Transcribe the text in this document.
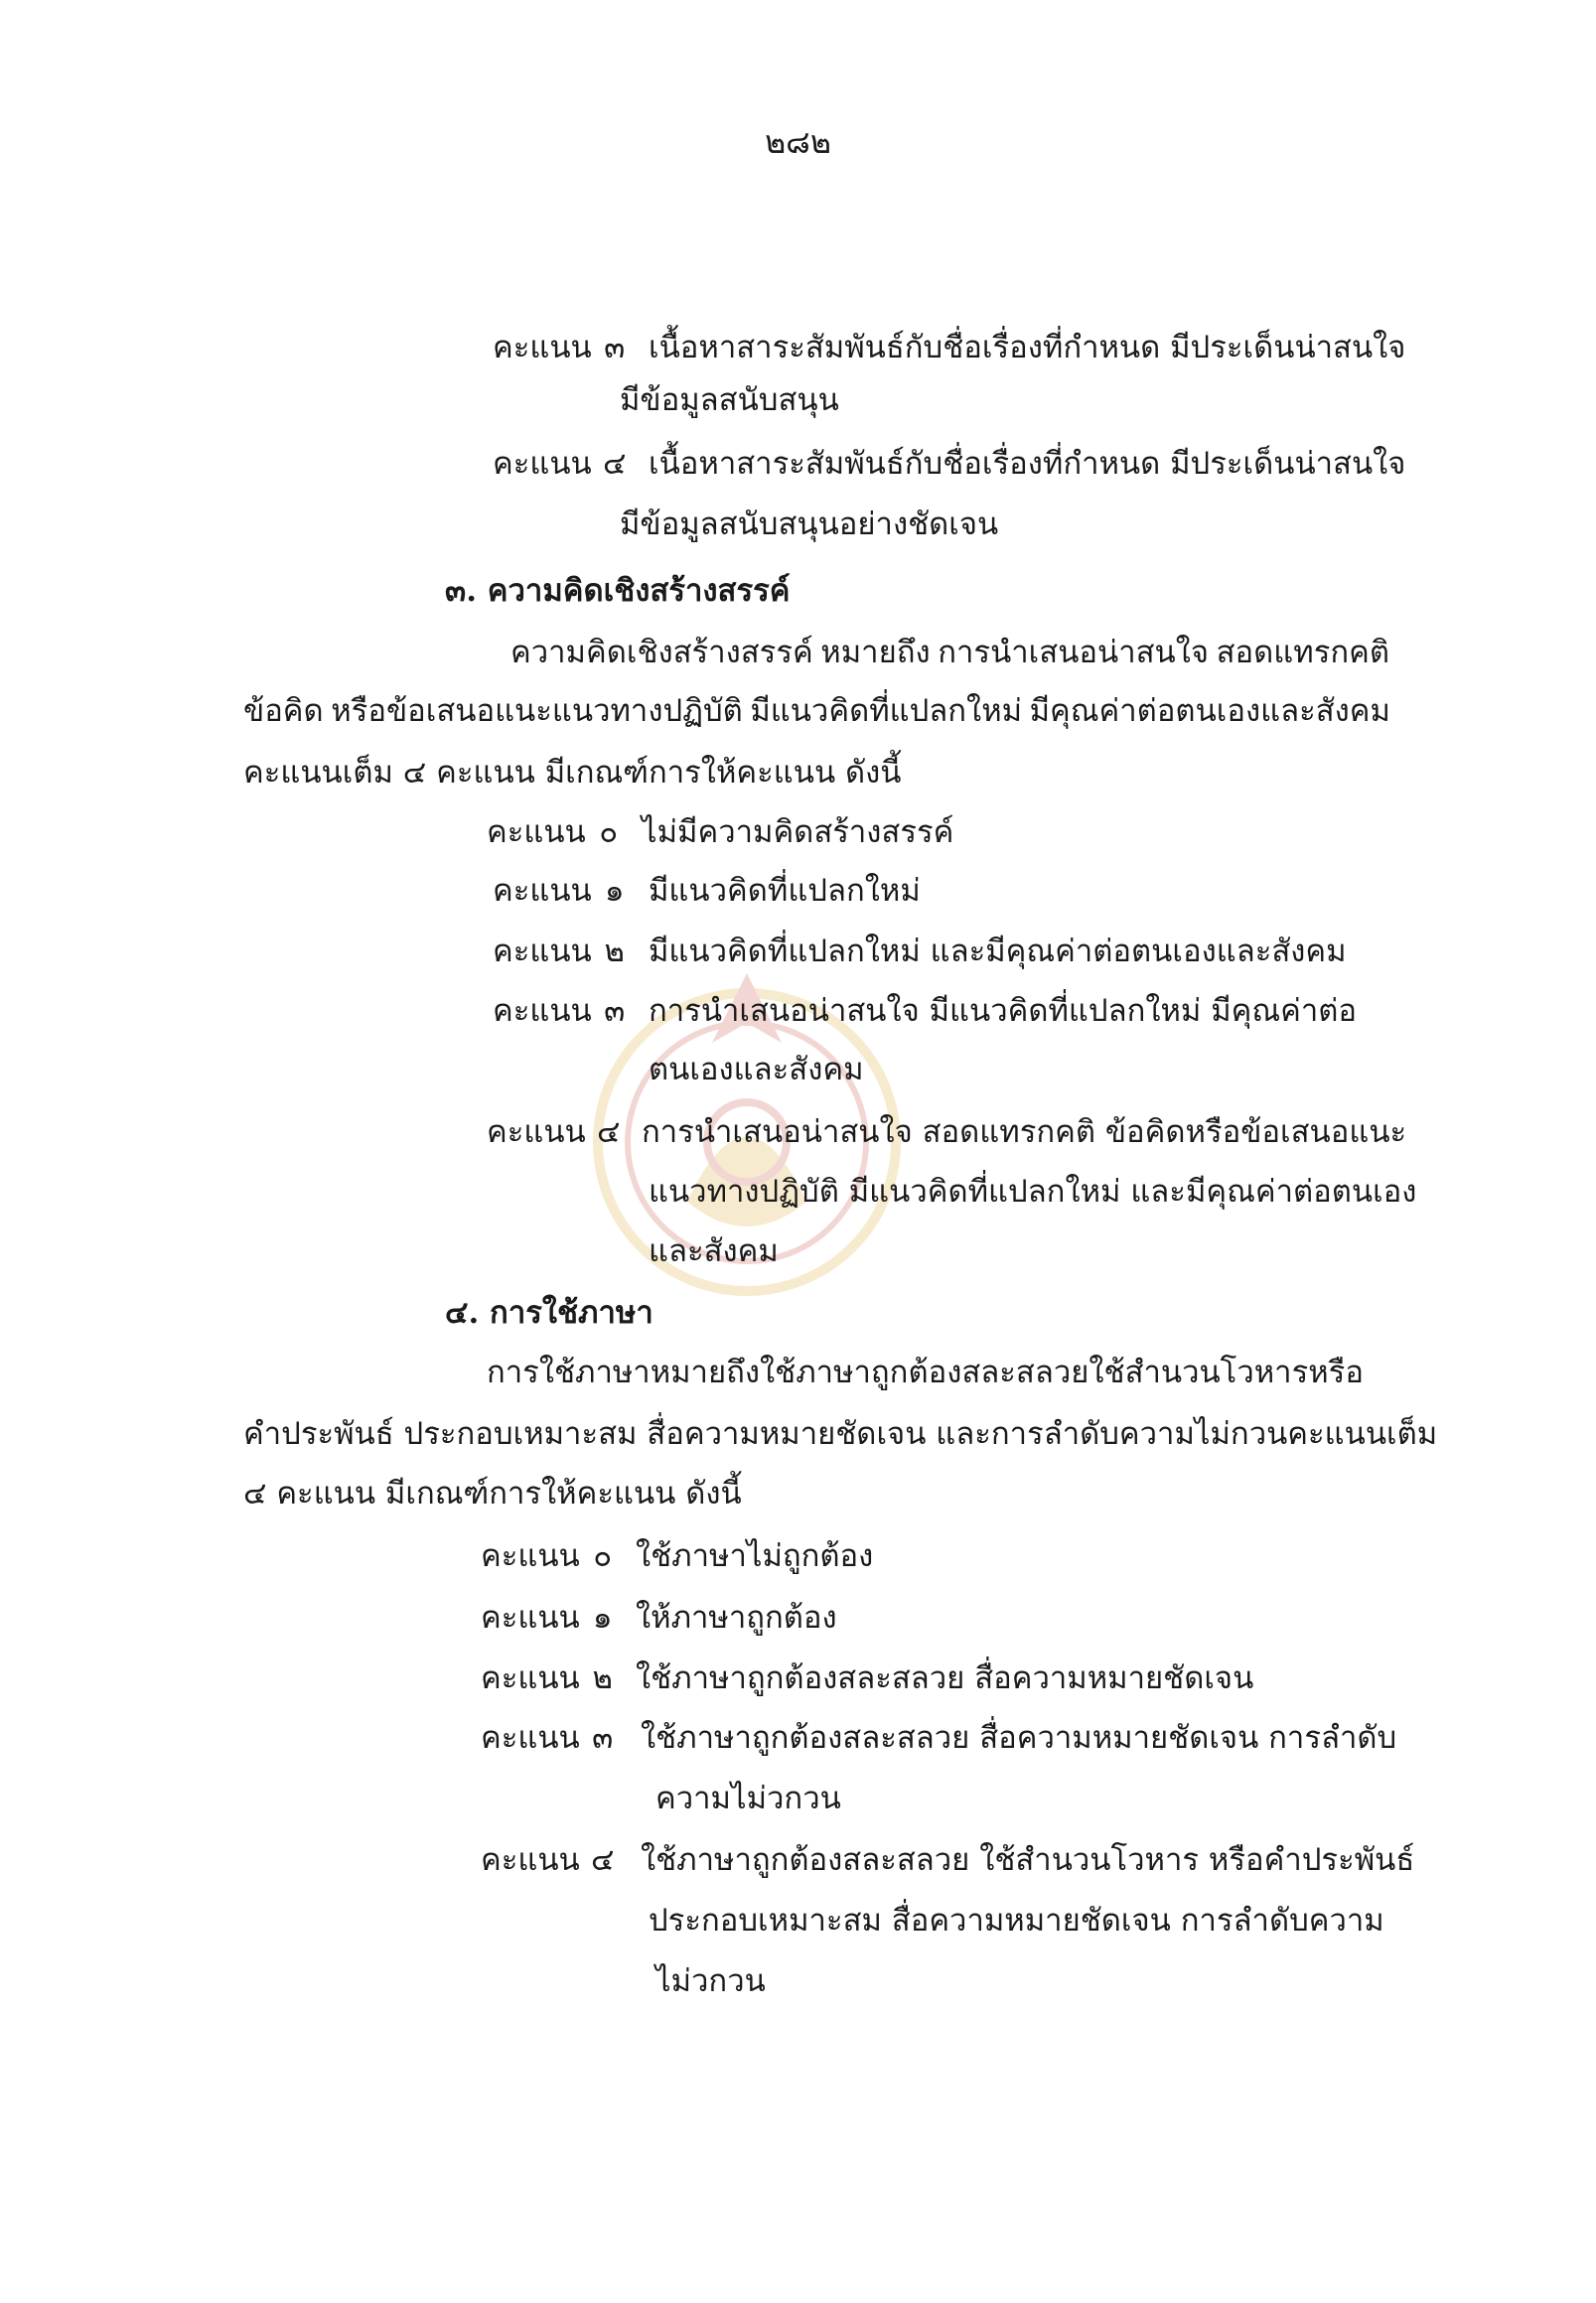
๒๘๒
คะแนน ๓ เนื้อหาสาระสัมพันธ์กับชื่อเรื่องที่กำหนด มีประเด็นน่าสนใจ
มีข้อมูลสนับสนุน
คะแนน ๔ เนื้อหาสาระสัมพันธ์กับชื่อเรื่องที่กำหนด มีประเด็นน่าสนใจ
มีข้อมูลสนับสนุนอย่างชัดเจน
๓. ความคิดเชิงสร้างสรรค์
ความคิดเชิงสร้างสรรค์ หมายถึง การนำเสนอน่าสนใจ สอดแทรกคติ
ข้อคิด หรือข้อเสนอแนะแนวทางปฏิบัติ มีแนวคิดที่แปลกใหม่ มีคุณค่าต่อตนเองและสังคม
คะแนนเต็ม ๔ คะแนน มีเกณฑ์การให้คะแนน ดังนี้
คะแนน ๐ ไม่มีความคิดสร้างสรรค์
คะแนน ๑ มีแนวคิดที่แปลกใหม่
คะแนน ๒ มีแนวคิดที่แปลกใหม่ และมีคุณค่าต่อตนเองและสังคม
คะแนน ๓ การนำเสนอน่าสนใจ มีแนวคิดที่แปลกใหม่ มีคุณค่าต่อ
ตนเองและสังคม
คะแนน ๔ การนำเสนอน่าสนใจ สอดแทรกคติ ข้อคิดหรือข้อเสนอแนะ
แนวทางปฏิบัติ มีแนวคิดที่แปลกใหม่ และมีคุณค่าต่อตนเอง
และสังคม
๔. การใช้ภาษา
การใช้ภาษา หมายถึง ใช้ภาษาถูกต้องสละสลวย ใช้สำนวนโวหาร หรือ
คำประพันธ์ ประกอบเหมาะสม สื่อความหมายชัดเจน และการลำดับความไม่กวน คะแนนเต็ม
๔ คะแนน มีเกณฑ์การให้คะแนน ดังนี้
คะแนน ๐ ใช้ภาษาไม่ถูกต้อง
คะแนน ๑ ให้ภาษาถูกต้อง
คะแนน ๒ ใช้ภาษาถูกต้องสละสลวย สื่อความหมายชัดเจน
คะแนน ๓ ใช้ภาษาถูกต้องสละสลวย สื่อความหมายชัดเจน การลำดับ
ความไม่วกวน
คะแนน ๔ ใช้ภาษาถูกต้องสละสลวย ใช้สำนวนโวหาร หรือคำประพันธ์
ประกอบเหมาะสม สื่อความหมายชัดเจน การลำดับความ
ไม่วกวน
